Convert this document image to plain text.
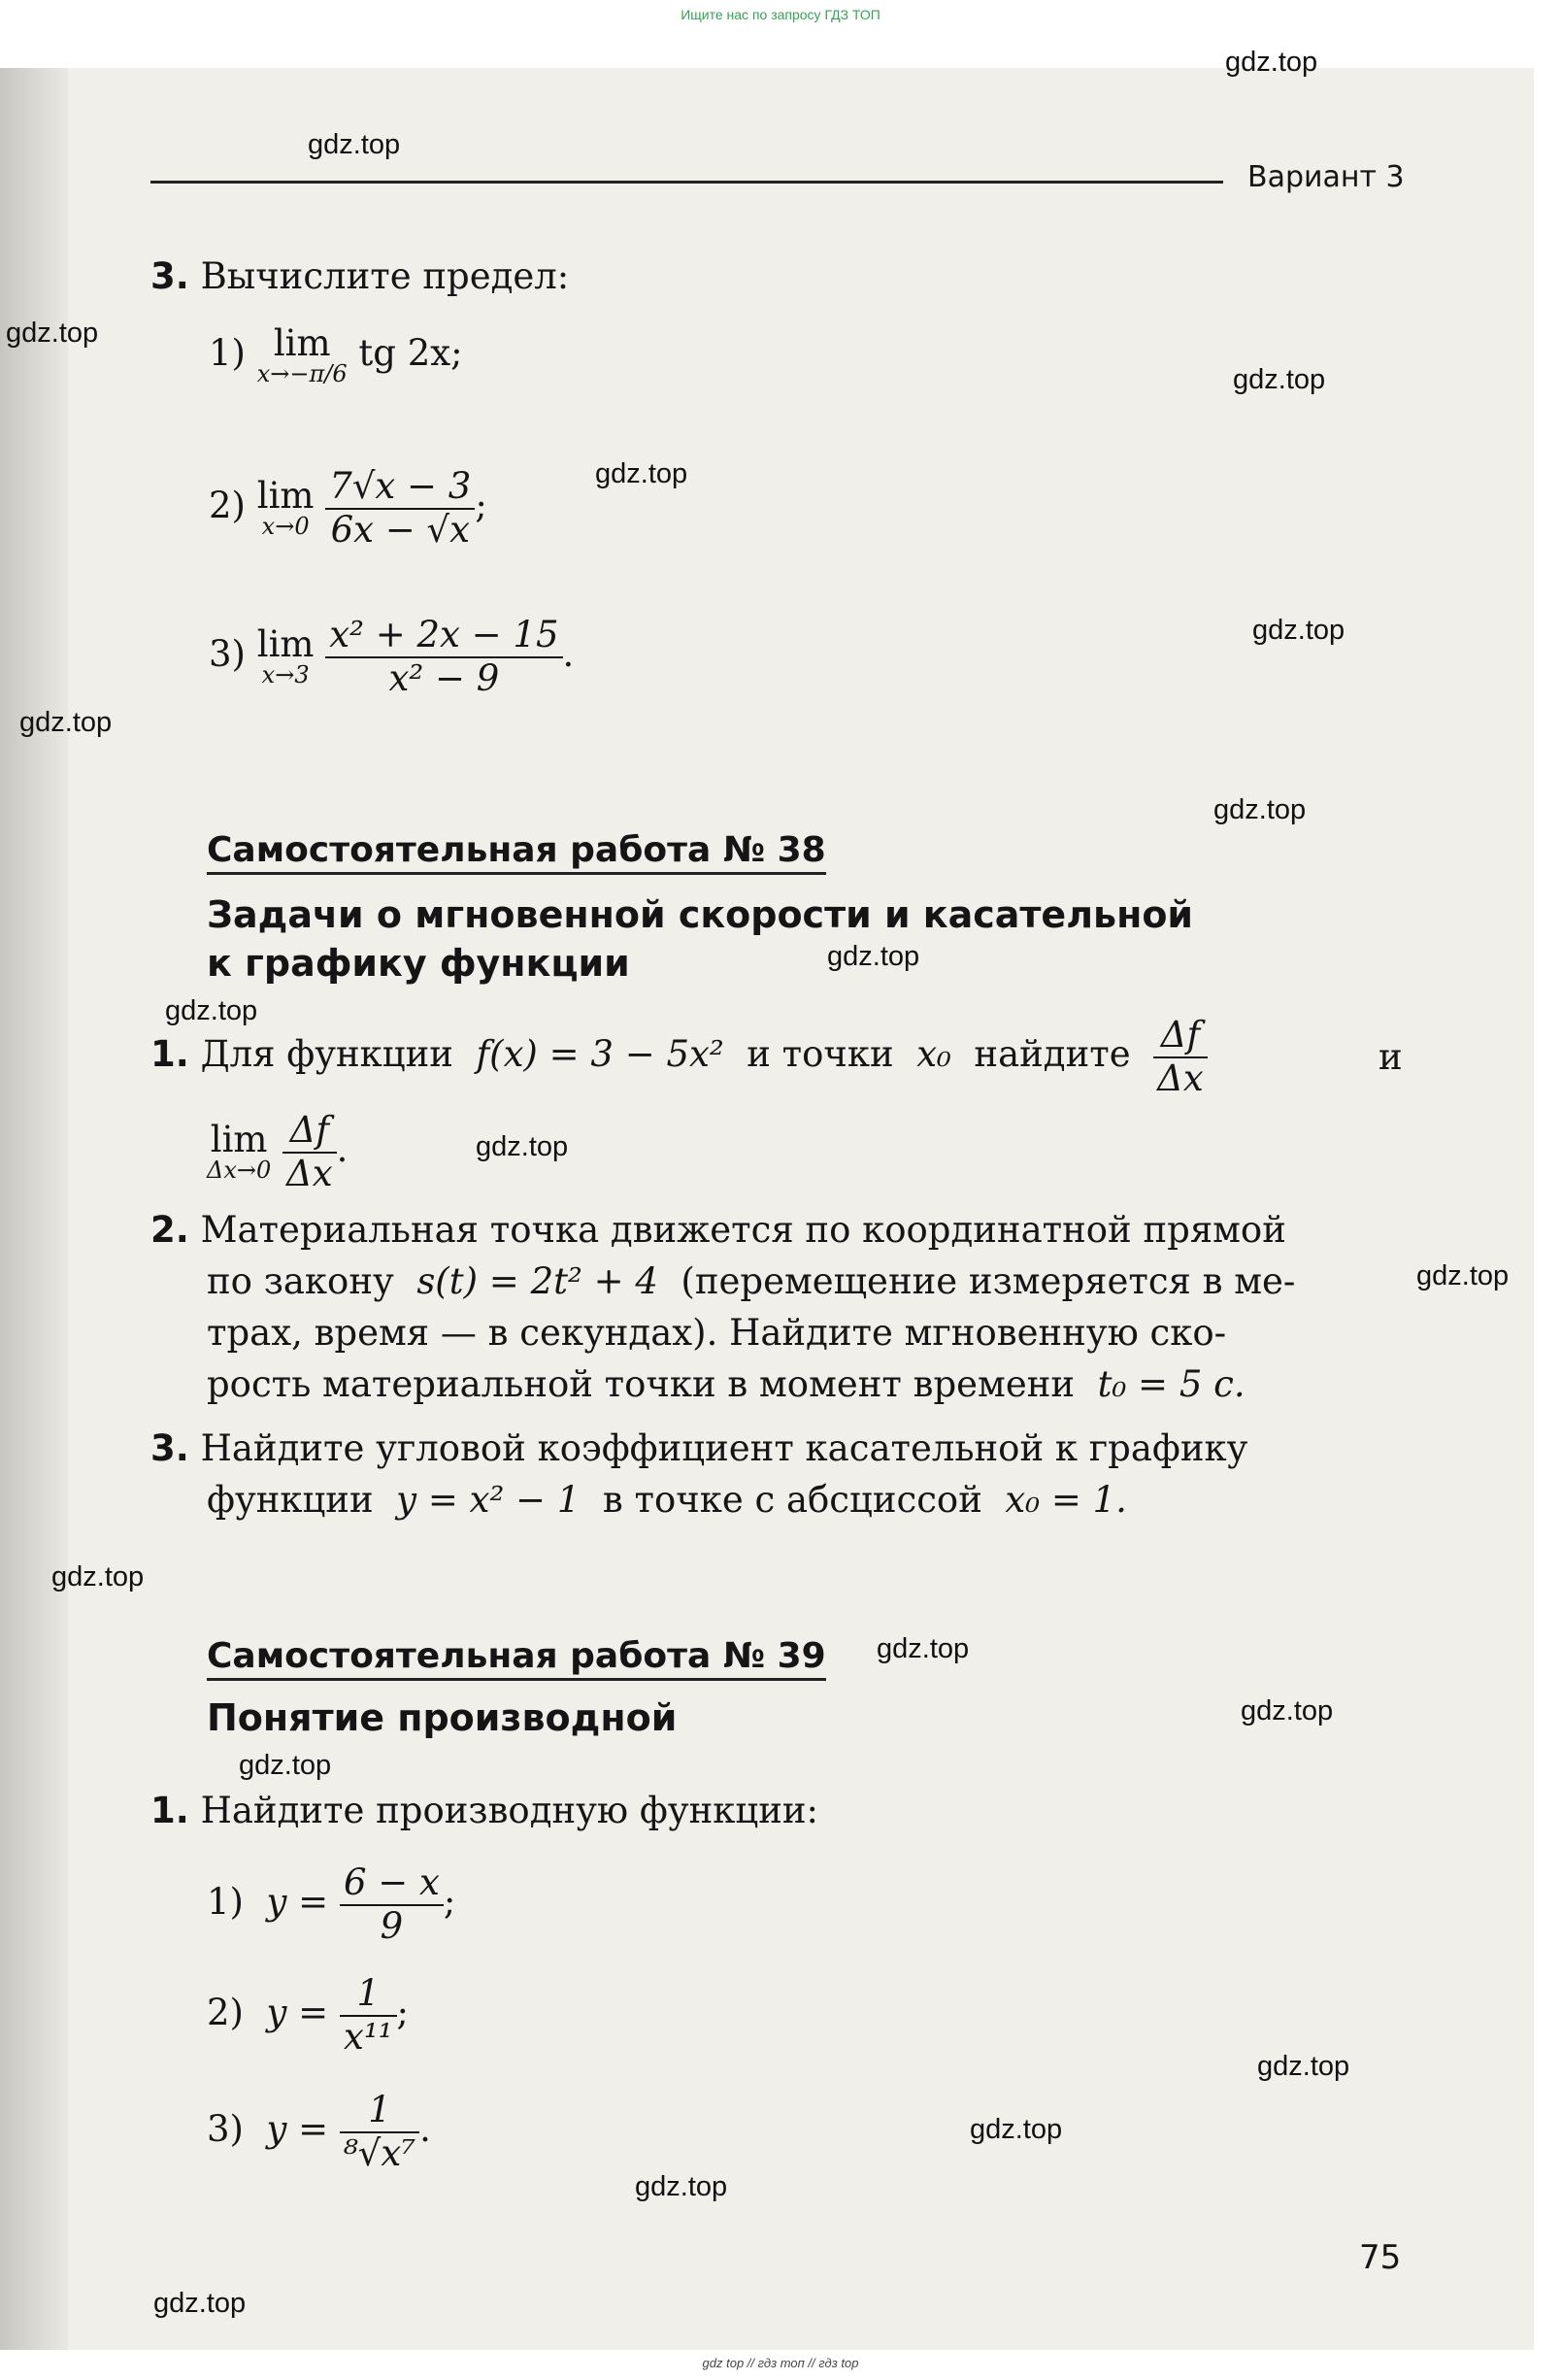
Ищите нас по запросу ГДЗ ТОП
Вариант 3
gdz.top
gdz.top
gdz.top
gdz.top
gdz.top
gdz.top
gdz.top
gdz.top
gdz.top
gdz.top
gdz.top
gdz.top
gdz.top
gdz.top
gdz.top
gdz.top
gdz.top
gdz.top
gdz.top
gdz.top
3. Вычислите предел:
1) lim
x→−π/6 tg 2x;
2) lim
x→0
$\frac{7√x - 3}{6x - √x}$ ;
3) lim
x→3
$\frac{\text{x² + 2x − 15}}{\text{x² − 9}}$ .
Самостоятельная работа № 38
Задачи о мгновенной скорости и касательной
к графику функции
1. Для функции f(x) = 3 − 5x² и точки x₀ найдите $\frac{\Delta f}{\Delta x}$	и
lim
Δx→0
$\frac{\Delta f}{\Delta x}$ .
2. Материальная точка движется по координатной прямой
по закону s(t) = 2t² + 4 (перемещение измеряется в ме-
трах, время — в секундах). Найдите мгновенную ско-
рость материальной точки в момент времени t₀ = 5 с.
3. Найдите угловой коэффициент касательной к графику
функции y = x² − 1 в точке с абсциссой x₀ = 1.
Самостоятельная работа № 39
Понятие производной
1. Найдите производную функции:
1) $y = \frac{6 - x}{9}$ ;
2) $y = \frac{1}{\text{x¹¹}}$ ;
3) $y = \frac{1}{\text{⁸√x⁷}}$ .
75
gdz top // гдз топ // гдз top
